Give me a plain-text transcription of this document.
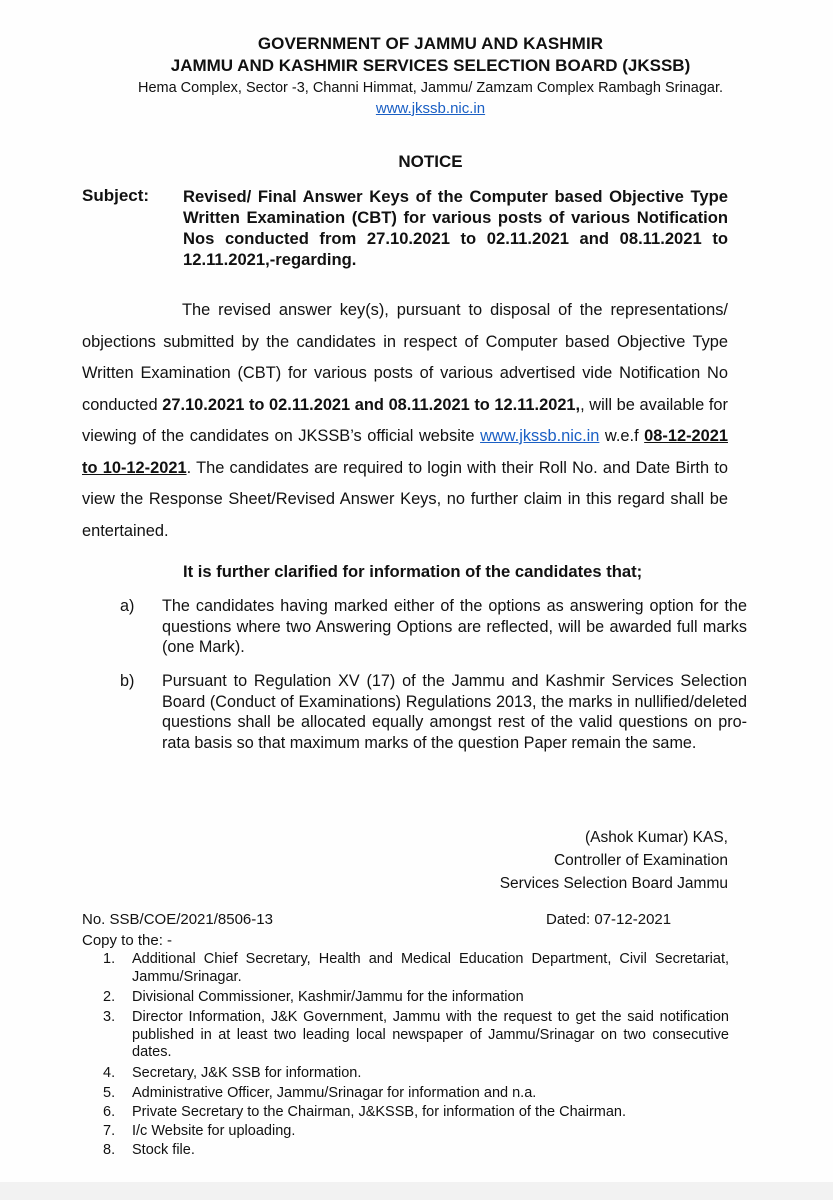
GOVERNMENT OF JAMMU AND KASHMIR
JAMMU AND KASHMIR SERVICES SELECTION BOARD (JKSSB)
Hema Complex, Sector -3, Channi Himmat, Jammu/ Zamzam Complex Rambagh Srinagar.
www.jkssb.nic.in
NOTICE
Subject: Revised/ Final Answer Keys of the Computer based Objective Type Written Examination (CBT) for various posts of various Notification Nos conducted from 27.10.2021 to 02.11.2021 and 08.11.2021 to 12.11.2021,-regarding.
The revised answer key(s), pursuant to disposal of the representations/ objections submitted by the candidates in respect of Computer based Objective Type Written Examination (CBT) for various posts of various advertised vide Notification No conducted 27.10.2021 to 02.11.2021 and 08.11.2021 to 12.11.2021,, will be available for viewing of the candidates on JKSSB’s official website www.jkssb.nic.in w.e.f 08-12-2021 to 10-12-2021. The candidates are required to login with their Roll No. and Date Birth to view the Response Sheet/Revised Answer Keys, no further claim in this regard shall be entertained.
It is further clarified for information of the candidates that;
a) The candidates having marked either of the options as answering option for the questions where two Answering Options are reflected, will be awarded full marks (one Mark).
b) Pursuant to Regulation XV (17) of the Jammu and Kashmir Services Selection Board (Conduct of Examinations) Regulations 2013, the marks in nullified/deleted questions shall be allocated equally amongst rest of the valid questions on pro-rata basis so that maximum marks of the question Paper remain the same.
(Ashok Kumar) KAS,
Controller of Examination
Services Selection Board Jammu
No. SSB/COE/2021/8506-13	Dated: 07-12-2021
Copy to the: -
1.	Additional Chief Secretary, Health and Medical Education Department, Civil Secretariat, Jammu/Srinagar.
2.	Divisional Commissioner, Kashmir/Jammu for the information
3.	Director Information, J&K Government, Jammu with the request to get the said notification published in at least two leading local newspaper of Jammu/Srinagar on two consecutive dates.
4.	Secretary, J&K SSB for information.
5.	Administrative Officer, Jammu/Srinagar for information and n.a.
6.	Private Secretary to the Chairman, J&KSSB, for information of the Chairman.
7.	I/c Website for uploading.
8.	Stock file.
